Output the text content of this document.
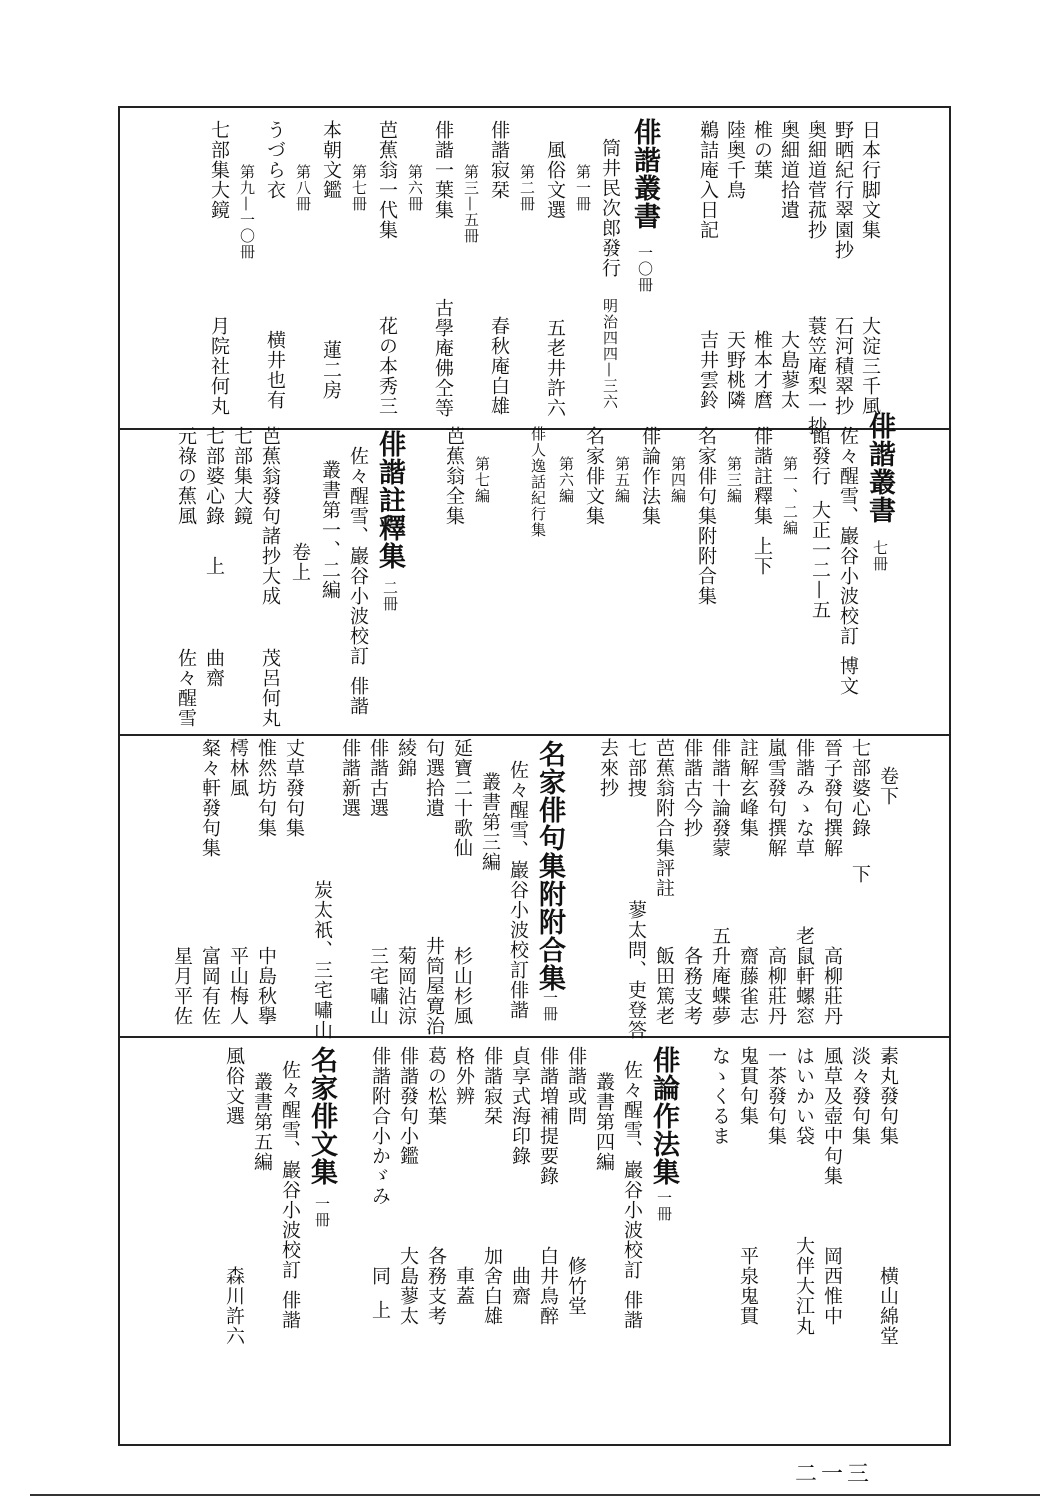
日本行脚文集
大淀三千風
野晒紀行翠園抄
石河積翠抄
奥細道菅菰抄
蓑笠庵梨一抄
奥細道拾遺
大島蓼太
椎の葉
椎本才麿
陸奥千鳥
天野桃隣
鵜詰庵入日記
吉井雲鈴
俳諧叢書
一〇冊
筒井民次郎發行
明治四四—三六
第一冊
風俗文選
五老井許六
第二冊
俳諧寂栞
春秋庵白雄
第三—五冊
俳諧一葉集
古學庵佛仝等
第六冊
芭蕉翁一代集
花の本秀三
第七冊
本朝文鑑
蓮二房
第八冊
うづら衣
横井也有
第九—一〇冊
七部集大鏡
月院社何丸
俳諧叢書
七冊
佐々醒雪、巖谷小波校訂
博文
館發行
大正一二—五
第一、二編
俳諧註釋集
上下
第三編
名家俳句集附附合集
第四編
俳論作法集
第五編
名家俳文集
第六編
俳人逸話紀行集
第七編
芭蕉翁全集
俳諧註釋集
二冊
佐々醒雪、巖谷小波校訂
俳諧
叢書第一、二編
卷上
芭蕉翁發句諸抄大成
茂呂何丸
七部集大鏡
七部婆心錄
上
曲齋
元祿の蕉風
佐々醒雪
卷下
七部婆心錄
下
晉子發句撰解
高柳莊丹
俳諧みゝな草
老鼠軒螺窓
嵐雪發句撰解
高柳莊丹
註解玄峰集
齋藤雀志
俳諧十論發蒙
五升庵蝶夢
俳諧古今抄
各務支考
芭蕉翁附合集評註
飯田篤老
七部捜
蓼太問、吏登答
去來抄
名家俳句集附附合集
一冊
佐々醒雪、巖谷小波校訂
俳諧
叢書第三編
延寶二十歌仙
杉山杉風
句選拾遺
井筒屋寛治
綾錦
菊岡沾涼
俳諧古選
三宅嘯山
俳諧新選
炭太祇、三宅嘯山
丈草發句集
惟然坊句集
中島秋擧
樗林風
平山梅人
粲々軒發句集
富岡有佐
星月平佐
素丸發句集
横山綿堂
淡々發句集
風草及壺中句集
岡西惟中
はいかい袋
大伴大江丸
一茶發句集
鬼貫句集
平泉鬼貫
なゝくるま
俳論作法集
一冊
佐々醒雪、巖谷小波校訂
俳諧
叢書第四編
俳諧或問
修竹堂
俳諧増補提要錄
白井鳥醉
貞享式海印錄
曲齋
俳諧寂栞
加舍白雄
格外辨
車蓋
葛の松葉
各務支考
俳諧發句小鑑
大島蓼太
俳諧附合小かゞみ
同
上
名家俳文集
一冊
佐々醒雪、巖谷小波校訂
俳諧
叢書第五編
風俗文選
森川許六
二一三
